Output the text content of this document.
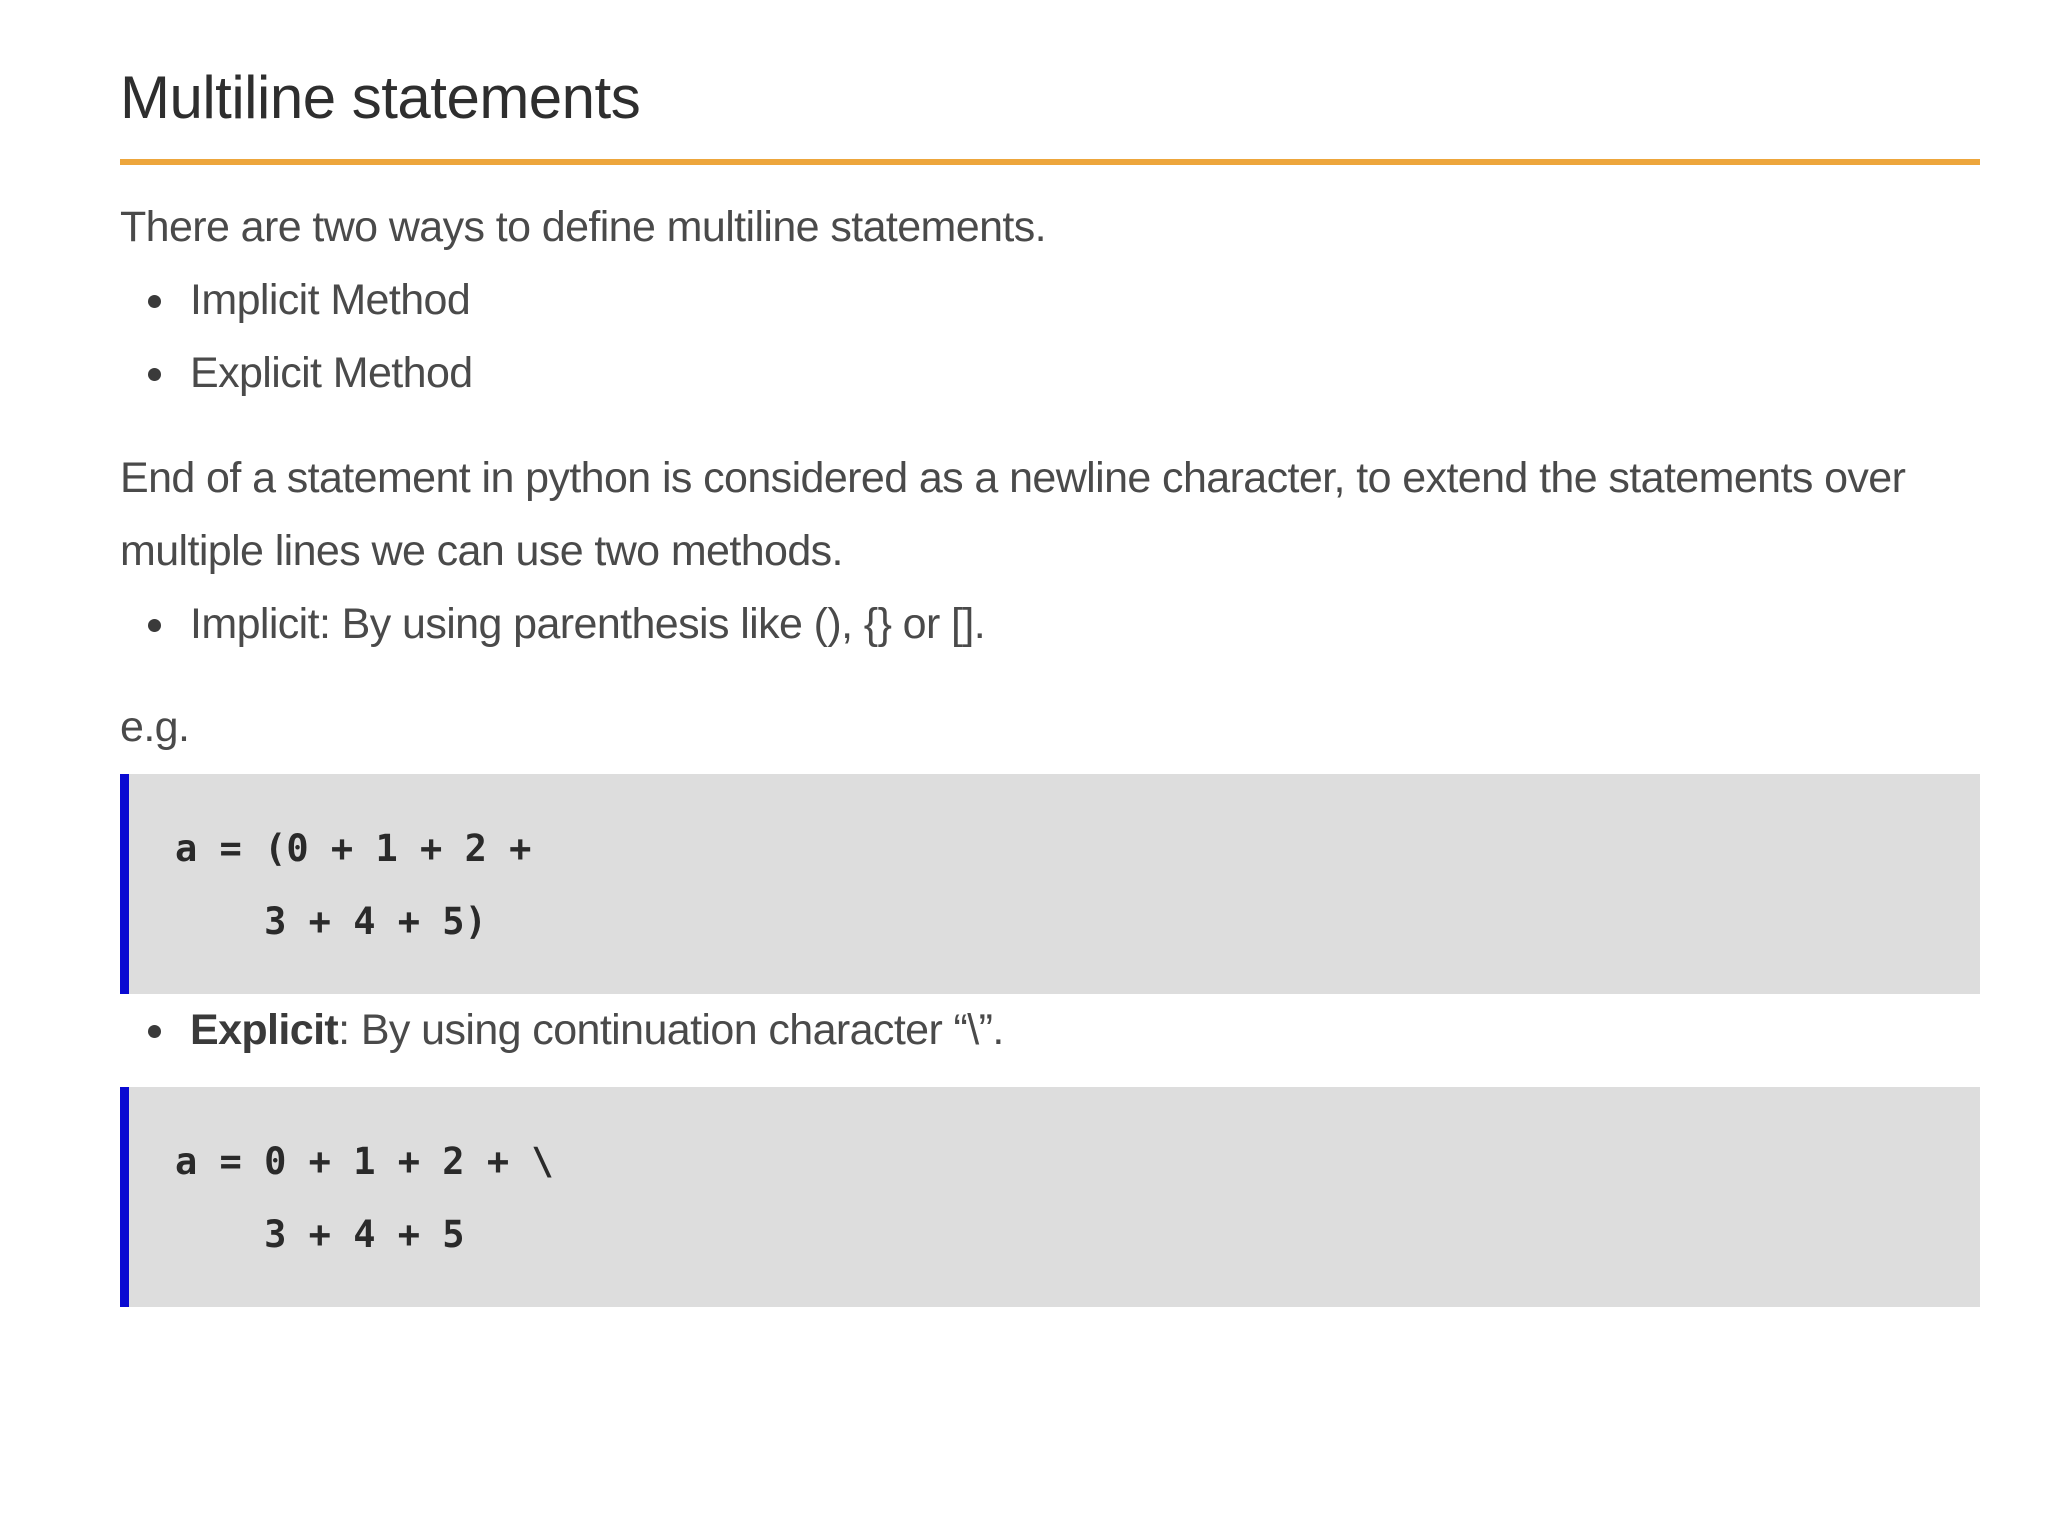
Multiline statements

There are two ways to define multiline statements.

Implicit Method
Explicit Method

End of a statement in python is considered as a newline character, to extend the statements over multiple lines we can use two methods.

Implicit: By using parenthesis like (), {} or [].

e.g.

a = (0 + 1 + 2 +
3 + 4 + 5)
Explicit: By using continuation character “\”.
a = 0 + 1 + 2 + \
3 + 4 + 5
